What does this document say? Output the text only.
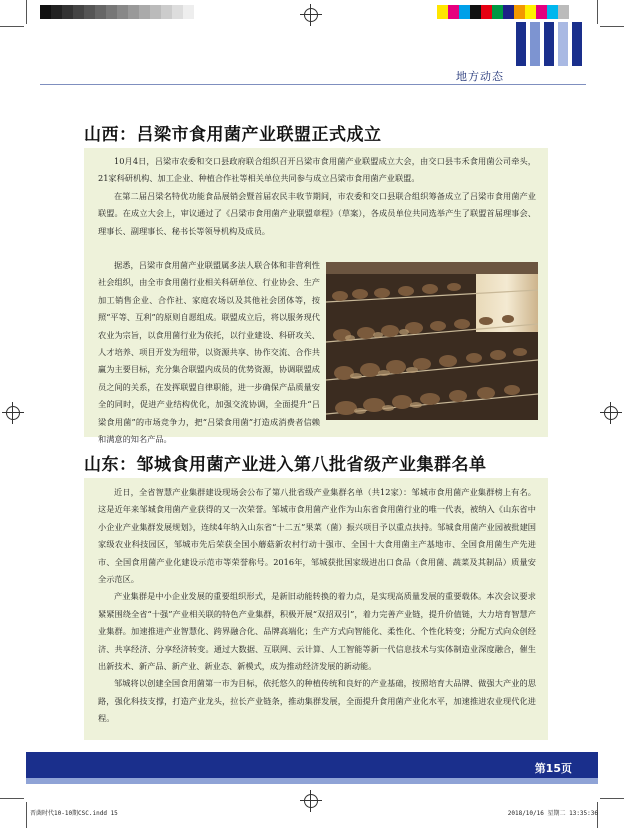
地方动态
山西：吕梁市食用菌产业联盟正式成立

10月4日，吕梁市农委和交口县政府联合组织召开吕梁市食用菌产业联盟成立大会，由交口县韦禾食用菌公司牵头，21家科研机构、加工企业、种植合作社等相关单位共同参与成立吕梁市食用菌产业联盟。

在第二届吕梁名特优功能食品展销会暨首届农民丰收节期间，市农委和交口县联合组织筹备成立了吕梁市食用菌产业联盟。在成立大会上，审议通过了《吕梁市食用菌产业联盟章程》（草案），各成员单位共同选举产生了联盟首届理事会、理事长、副理事长、秘书长等领导机构及成员。

据悉，吕梁市食用菌产业联盟属多法人联合体和非营利性社会组织，由全市食用菌行业相关科研单位、行业协会、生产加工销售企业、合作社、家庭农场以及其他社会团体等，按照“平等、互利”的原则自愿组成。联盟成立后，将以服务现代农业为宗旨，以食用菌行业为依托，以行业建设、科研攻关、人才培养、项目开发为纽带，以资源共享、协作交流、合作共赢为主要目标，充分集合联盟内成员的优势资源，协调联盟成员之间的关系，在发挥联盟自律职能，进一步确保产品质量安全的同时，促进产业结构优化，加强交流协调，全面提升“吕梁食用菌”的市场竞争力，把“吕梁食用菌”打造成消费者信赖和满意的知名产品。

山东：邹城食用菌产业进入第八批省级产业集群名单

近日，全省智慧产业集群建设现场会公布了第八批省级产业集群名单（共12家）：邹城市食用菌产业集群榜上有名。这是近年来邹城食用菌产业获得的又一次荣誉。邹城市食用菌产业作为山东省食用菌行业的唯一代表，被纳入《山东省中小企业产业集群发展规划》，连续4年纳入山东省“十二五”果菜（菌）振兴项目予以重点扶持。邹城食用菌产业园被批建国家级农业科技园区，邹城市先后荣获全国小蘑菇新农村行动十强市、全国十大食用菌主产基地市、全国食用菌生产先进市、全国食用菌产业化建设示范市等荣誉称号。2016年，邹城获批国家级进出口食品（食用菌、蔬菜及其制品）质量安全示范区。

产业集群是中小企业发展的重要组织形式，是新旧动能转换的着力点，是实现高质量发展的重要载体。本次会议要求紧紧围绕全省“十强”产业相关联的特色产业集群，积极开展“双招双引”，着力完善产业链，提升价值链，大力培育智慧产业集群。加速推进产业智慧化、跨界融合化、品牌高端化；生产方式向智能化、柔性化、个性化转变；分配方式向众创经济、共享经济、分享经济转变。通过大数据、互联网、云计算、人工智能等新一代信息技术与实体制造业深度融合，催生出新技术、新产品、新产业、新业态、新模式，成为推动经济发展的新动能。

邹城将以创建全国食用菌第一市为目标，依托悠久的种植传统和良好的产业基础，按照培育大品牌、做强大产业的思路，强化科技支撑，打造产业龙头，拉长产业链条，推动集群发展，全面提升食用菌产业化水平，加速推进农业现代化进程。

第15页
晋菌时代10-10期CSC.indd 15	2018/10/16 星期二 13:35:36
